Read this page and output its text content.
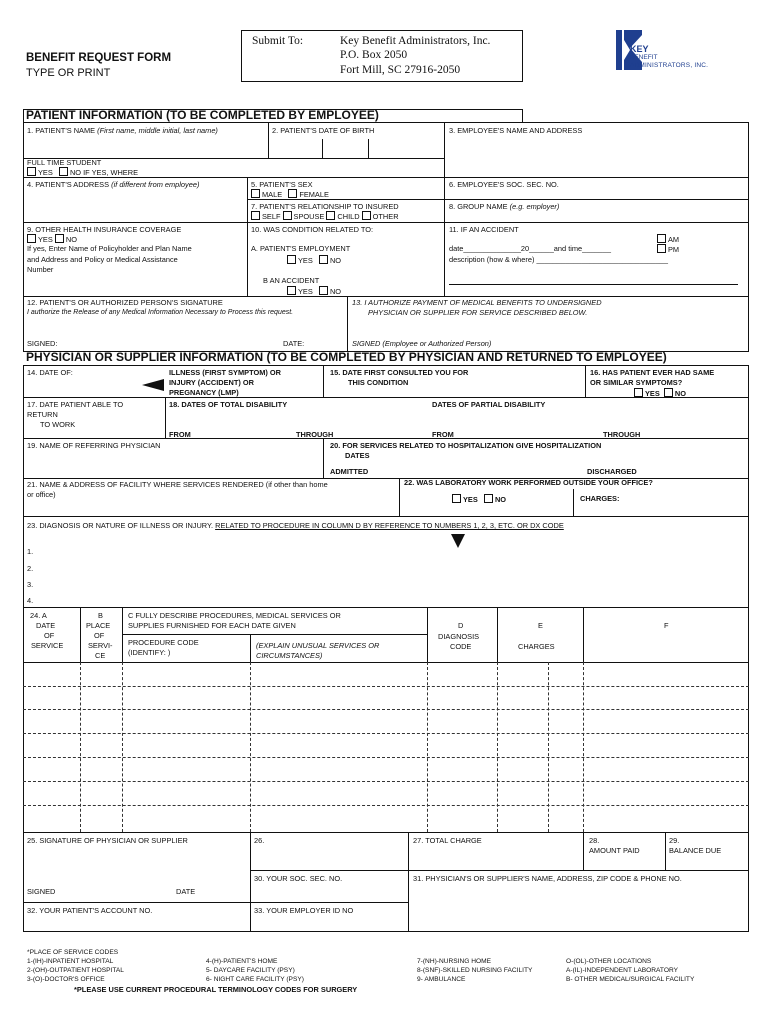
BENEFIT REQUEST FORM
TYPE OR PRINT
Submit To:	Key Benefit Administrators, Inc.
P.O. Box 2050
Fort Mill, SC 27916-2050
KEY
BENEFIT
ADMINISTRATORS, INC.
PATIENT INFORMATION (TO BE COMPLETED BY EMPLOYEE)
1. PATIENT'S NAME (First name, middle initial, last name)	2. PATIENT'S DATE OF BIRTH	3. EMPLOYEE'S NAME AND ADDRESS
FULL TIME STUDENT
YES NO IF YES, WHERE
4. PATIENT'S ADDRESS (if different from employee)	5. PATIENT'S SEX
MALE FEMALE
6. EMPLOYEE'S SOC. SEC. NO.
7. PATIENT'S RELATIONSHIP TO INSURED
SELF SPOUSE CHILD OTHER
8. GROUP NAME (e.g. employer)
9. OTHER HEALTH INSURANCE COVERAGE
YES NO
If yes, Enter Name of Policyholder and Plan Name
and Address and Policy or Medical Assistance
Number
10. WAS CONDITION RELATED TO:
A. PATIENT'S EMPLOYMENT
YES NO
B AN ACCIDENT
YES NO
11. IF AN ACCIDENT
AM
date______________20______and time_______	PM
description (how & where) ________________________________
12. PATIENT'S OR AUTHORIZED PERSON'S SIGNATURE
I authorize the Release of any Medical Information Necessary to Process this request.
13. I AUTHORIZE PAYMENT OF MEDICAL BENEFITS TO UNDERSIGNED
PHYSICIAN OR SUPPLIER FOR SERVICE DESCRIBED BELOW.
SIGNED:	DATE:	SIGNED (Employee or Authorized Person)
PHYSICIAN OR SUPPLIER INFORMATION (TO BE COMPLETED BY PHYSICIAN AND RETURNED TO EMPLOYEE)
14. DATE OF:	ILLNESS (FIRST SYMPTOM) OR
INJURY (ACCIDENT) OR
PREGNANCY (LMP)
15. DATE FIRST CONSULTED YOU FOR
THIS CONDITION
16. HAS PATIENT EVER HAD SAME
OR SIMILAR SYMPTOMS?
YES NO
17. DATE PATIENT ABLE TO
RETURN
TO WORK
18. DATES OF TOTAL DISABILITY	DATES OF PARTIAL DISABILITY
FROM	THROUGH	FROM	THROUGH
19. NAME OF REFERRING PHYSICIAN	20. FOR SERVICES RELATED TO HOSPITALIZATION GIVE HOSPITALIZATION
DATES
ADMITTED	DISCHARGED
21. NAME & ADDRESS OF FACILITY WHERE SERVICES RENDERED (if other than home
or office)
22. WAS LABORATORY WORK PERFORMED OUTSIDE YOUR OFFICE?
YES NO	CHARGES:
23. DIAGNOSIS OR NATURE OF ILLNESS OR INJURY. RELATED TO PROCEDURE IN COLUMN D BY REFERENCE TO NUMBERS 1, 2, 3, ETC. OR DX CODE
1.
2.
3.
4.
24. A
DATE
OF
SERVICE
B
PLACE
OF
SERVI-
CE
C FULLY DESCRIBE PROCEDURES, MEDICAL SERVICES OR
SUPPLIES FURNISHED FOR EACH DATE GIVEN
PROCEDURE CODE
(IDENTIFY: )
(EXPLAIN UNUSUAL SERVICES OR
CIRCUMSTANCES)
D
DIAGNOSIS
CODE
E
CHARGES
F
25. SIGNATURE OF PHYSICIAN OR SUPPLIER	26.	27. TOTAL CHARGE	28.
AMOUNT PAID
29.
BALANCE DUE
30. YOUR SOC. SEC. NO.	31. PHYSICIAN'S OR SUPPLIER'S NAME, ADDRESS, ZIP CODE & PHONE NO.
SIGNED	DATE
32. YOUR PATIENT'S ACCOUNT NO.	33. YOUR EMPLOYER ID NO
*PLACE OF SERVICE CODES
1-(IH)-INPATIENT HOSPITAL
2-(OH)-OUTPATIENT HOSPITAL
3-(O)-DOCTOR'S OFFICE
4-(H)-PATIENT'S HOME
5- DAYCARE FACILITY (PSY)
6- NIGHT CARE FACILITY (PSY)
7-(NH)-NURSING HOME
8-(SNF)-SKILLED NURSING FACILITY
9- AMBULANCE
O-(OL)-OTHER LOCATIONS
A-(IL)-INDEPENDENT LABORATORY
B- OTHER MEDICAL/SURGICAL FACILITY
*PLEASE USE CURRENT PROCEDURAL TERMINOLOGY CODES FOR SURGERY
